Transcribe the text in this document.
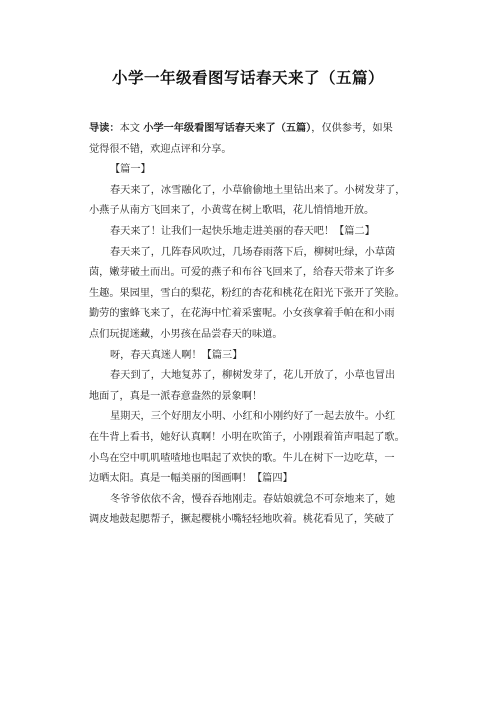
小学一年级看图写话春天来了（五篇）
导读：本文 小学一年级看图写话春天来了（五篇），仅供参考，如果
觉得很不错，欢迎点评和分享。
【篇一】
春天来了，冰雪融化了，小草偷偷地土里钻出来了。小树发芽了，
小燕子从南方飞回来了，小黄莺在树上歌唱，花儿悄悄地开放。
春天来了！让我们一起快乐地走进美丽的春天吧！【篇二】
春天来了，几阵春风吹过，几场春雨落下后，柳树吐绿，小草茵
茵，嫩芽破土而出。可爱的燕子和布谷飞回来了，给春天带来了许多
生趣。果园里，雪白的梨花，粉红的杏花和桃花在阳光下张开了笑脸。
勤劳的蜜蜂飞来了，在花海中忙着采蜜呢。小女孩拿着手帕在和小雨
点们玩捉迷藏，小男孩在品尝春天的味道。
呀，春天真迷人啊！【篇三】
春天到了，大地复苏了，柳树发芽了，花儿开放了，小草也冒出
地面了，真是一派春意盎然的景象啊！
星期天，三个好朋友小明、小红和小刚约好了一起去放牛。小红
在牛背上看书，她好认真啊！小明在吹笛子，小刚跟着笛声唱起了歌。
小鸟在空中叽叽喳喳地也唱起了欢快的歌。牛儿在树下一边吃草，一
边晒太阳。真是一幅美丽的图画啊！【篇四】
冬爷爷依依不舍，慢吞吞地刚走。春姑娘就急不可奈地来了，她
调皮地鼓起腮帮子，撅起樱桃小嘴轻轻地吹着。桃花看见了，笑破了
